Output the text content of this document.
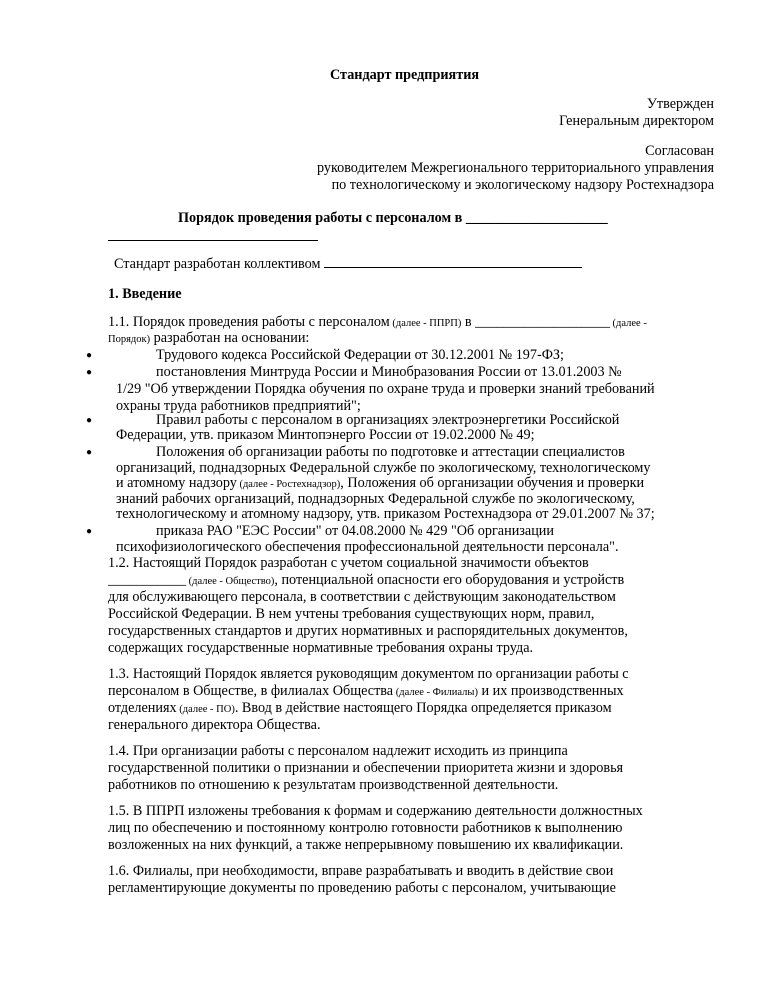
Стандарт предприятия
Утвержден
Генеральным директором
Согласован
руководителем Межрегионального территориального управления
по технологическому и экологическому надзору Ростехнадзора
Порядок проведения работы с персоналом в ____________________
Стандарт разработан коллективом
1. Введение
1.1. Порядок проведения работы с персоналом (далее - ППРП) в ___________________ (далее -
Порядок) разработан на основании:
●	Трудового кодекса Российской Федерации от 30.12.2001 № 197-ФЗ;
●	постановления Минтруда России и Минобразования России от 13.01.2003 №
1/29 "Об утверждении Порядка обучения по охране труда и проверки знаний требований
охраны труда работников предприятий";
●	Правил работы с персоналом в организациях электроэнергетики Российской
Федерации, утв. приказом Минтопэнерго России от 19.02.2000 № 49;
●	Положения об организации работы по подготовке и аттестации специалистов
организаций, поднадзорных Федеральной службе по экологическому, технологическому
и атомному надзору (далее - Ростехнадзор), Положения об организации обучения и проверки
знаний рабочих организаций, поднадзорных Федеральной службе по экологическому,
технологическому и атомному надзору, утв. приказом Ростехнадзора от 29.01.2007 № 37;
●	приказа РАО "ЕЭС России" от 04.08.2000 № 429 "Об организации
психофизиологического обеспечения профессиональной деятельности персонала".
1.2. Настоящий Порядок разработан с учетом социальной значимости объектов
___________ (далее - Общество), потенциальной опасности его оборудования и устройств
для обслуживающего персонала, в соответствии с действующим законодательством
Российской Федерации. В нем учтены требования существующих норм, правил,
государственных стандартов и других нормативных и распорядительных документов,
содержащих государственные нормативные требования охраны труда.
1.3. Настоящий Порядок является руководящим документом по организации работы с
персоналом в Обществе, в филиалах Общества (далее - Филиалы) и их производственных
отделениях (далее - ПО). Ввод в действие настоящего Порядка определяется приказом
генерального директора Общества.
1.4. При организации работы с персоналом надлежит исходить из принципа
государственной политики о признании и обеспечении приоритета жизни и здоровья
работников по отношению к результатам производственной деятельности.
1.5. В ППРП изложены требования к формам и содержанию деятельности должностных
лиц по обеспечению и постоянному контролю готовности работников к выполнению
возложенных на них функций, а также непрерывному повышению их квалификации.
1.6. Филиалы, при необходимости, вправе разрабатывать и вводить в действие свои
регламентирующие документы по проведению работы с персоналом, учитывающие
